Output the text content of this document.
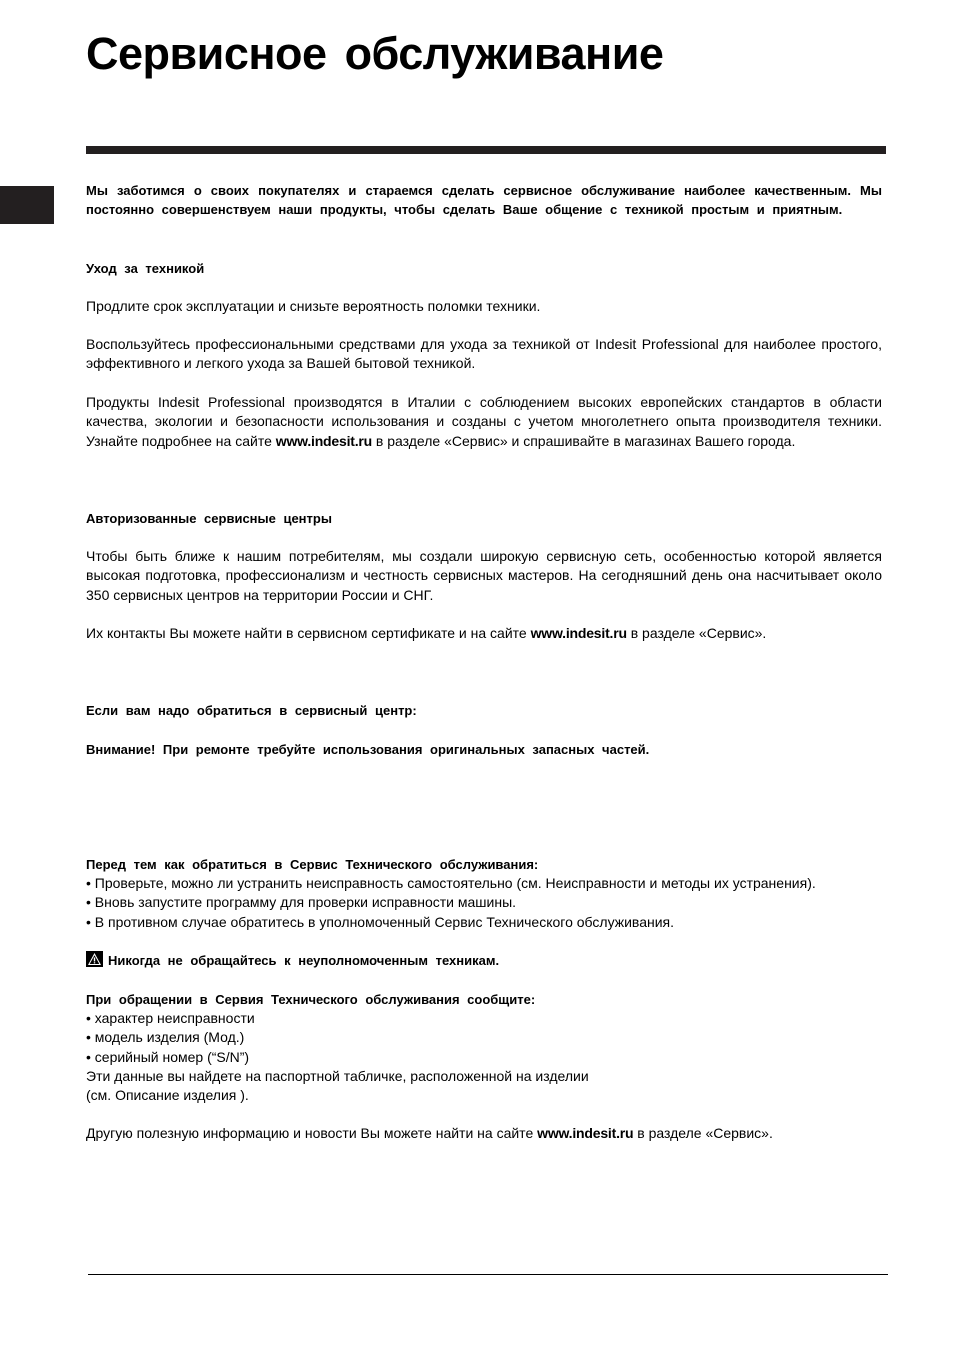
Сервисное обслуживание

Мы заботимся о своих покупателях и стараемся сделать сервисное обслуживание наиболее качественным. Мы постоянно совершенствуем наши продукты, чтобы сделать Ваше общение с техникой простым и приятным.

Уход за техникой

Продлите срок эксплуатации и снизьте вероятность поломки техники.

Воспользуйтесь профессиональными средствами для ухода за техникой от Indesit Professional для наиболее простого, эффективного и легкого ухода за Вашей бытовой техникой.

Продукты Indesit Professional производятся в Италии с соблюдением высоких европейских стандартов в области качества, экологии и безопасности использования и созданы с учетом многолетнего опыта производителя техники. Узнайте подробнее на сайте www.indesit.ru в разделе «Сервис» и спрашивайте в магазинах Вашего города.

Авторизованные сервисные центры

Чтобы быть ближе к нашим потребителям, мы создали широкую сервисную сеть, особенностью которой является высокая подготовка, профессионализм и честность сервисных мастеров. На сегодняшний день она насчитывает около 350 сервисных центров на территории России и СНГ.

Их контакты Вы можете найти в сервисном сертификате и на сайте www.indesit.ru в разделе «Сервис».

Если вам надо обратиться в сервисный центр:

Внимание! При ремонте требуйте использования оригинальных запасных частей.

Перед тем как обратиться в Сервис Технического обслуживания:

• Проверьте, можно ли устранить неисправность самостоятельно (см. Неисправности и методы их устранения).
• Вновь запустите программу для проверки исправности машины.
• В противном случае обратитесь в уполномоченный Сервис Технического обслуживания.

Никогда не обращайтесь к неуполномоченным техникам.

При обращении в Сервия Технического обслуживания сообщите:

• характер неисправности
• модель изделия (Мод.)
• серийный номер (“S/N”)
Эти данные вы найдете на паспортной табличке, расположенной на изделии
(см. Описание изделия ).

Другую полезную информацию и новости Вы можете найти на сайте www.indesit.ru в разделе «Сервис».
